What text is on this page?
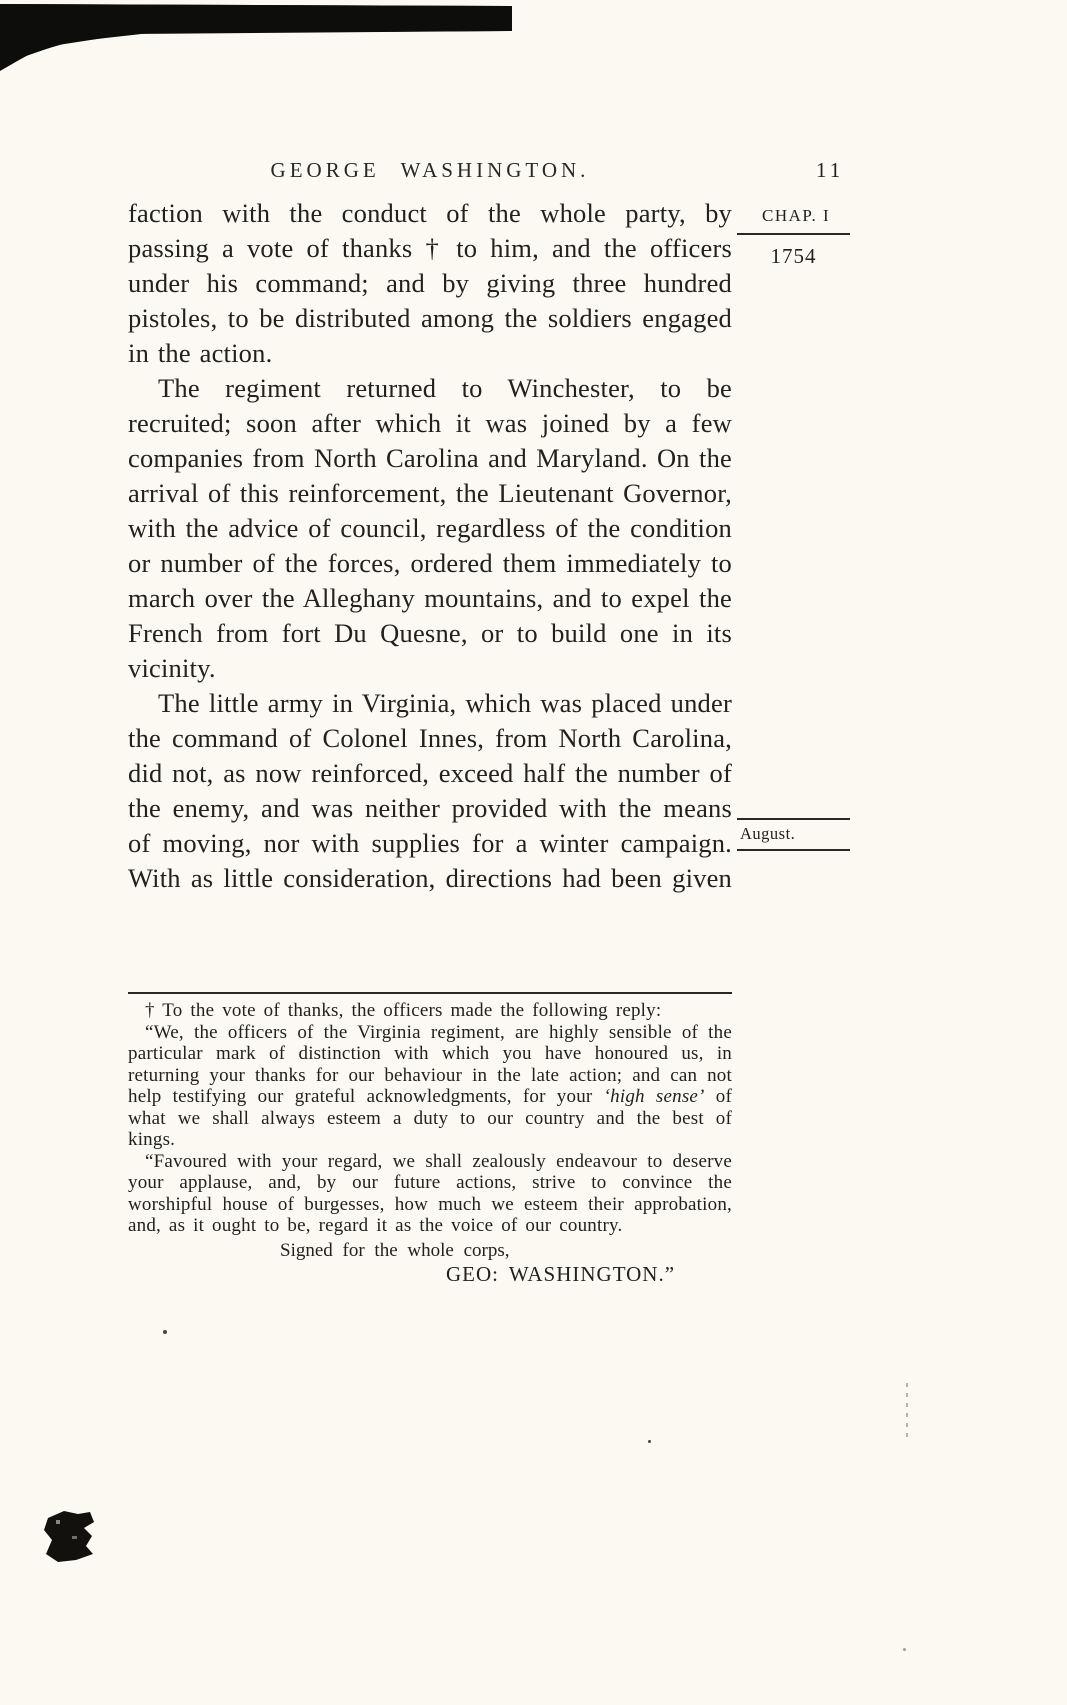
GEORGE WASHINGTON.	11
CHAP. I
1754
August.

faction with the conduct of the whole party, by passing a vote of thanks † to him, and the officers under his command; and by giving three hundred pistoles, to be distributed among the soldiers engaged in the action.

The regiment returned to Winchester, to be recruited; soon after which it was joined by a few companies from North Carolina and Maryland. On the arrival of this reinforcement, the Lieutenant Governor, with the advice of council, regardless of the condition or number of the forces, ordered them immediately to march over the Alleghany mountains, and to expel the French from fort Du Quesne, or to build one in its vicinity.

The little army in Virginia, which was placed under the command of Colonel Innes, from North Carolina, did not, as now reinforced, exceed half the number of the enemy, and was neither provided with the means of moving, nor with supplies for a winter campaign. With as little consideration, directions had been given

† To the vote of thanks, the officers made the following reply:

“We, the officers of the Virginia regiment, are highly sensible of the particular mark of distinction with which you have honoured us, in returning your thanks for our behaviour in the late action; and can not help testifying our grateful acknowledgments, for your ‘high sense’ of what we shall always esteem a duty to our country and the best of kings.

“Favoured with your regard, we shall zealously endeavour to deserve your applause, and, by our future actions, strive to convince the worshipful house of burgesses, how much we esteem their approbation, and, as it ought to be, regard it as the voice of our country.

Signed for the whole corps,

GEO: WASHINGTON.”
